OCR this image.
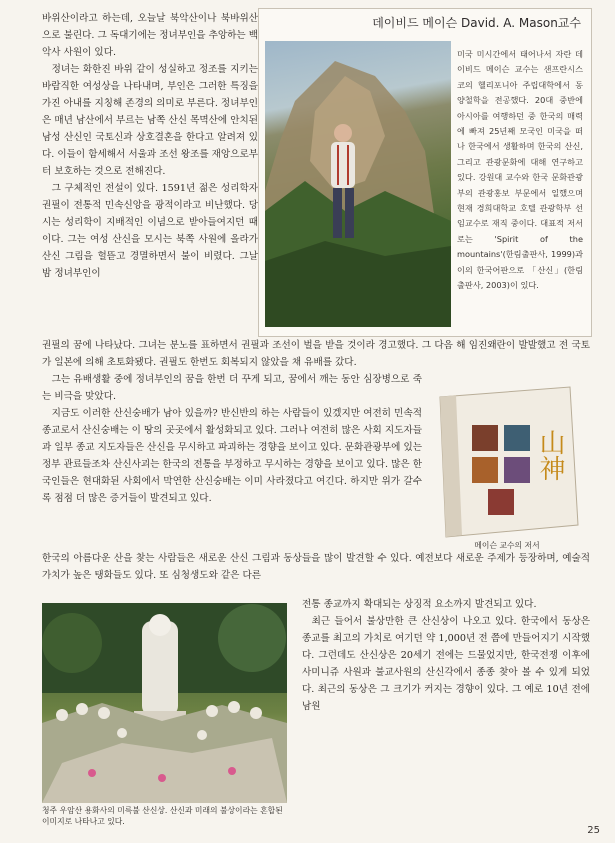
바위산이라고 하는데, 오늘날 북악산이나 북바위산으로 불린다. 그 독대기에는 정녀부인을 추앙하는 백악사 사원이 있다.

정녀는 화한진 바위 같이 성실하고 정조를 지키는 바람직한 여성상을 나타내며, 부인은 그러한 특징을 가진 아내를 지칭해 존경의 의미로 부른다. 정녀부인은 매년 남산에서 부르는 남쪽 산신 목멱산에 안치된 남성 산신인 국토신과 상호결혼을 한다고 알려져 있다. 이들이 함세해서 서울과 조선 왕조를 재앙으로부터 보호하는 것으로 전해진다.

그 구체적인 전설이 있다. 1591년 젊은 성리학자 권필이 전통적 민속신앙을 광적이라고 비난했다. 당시는 성리학이 지배적인 이념으로 받아들여지던 때이다. 그는 여성 산신을 모시는 북쪽 사원에 올라가 산신 그림을 헐뜯고 경멸하면서 불이 비렸다. 그날 밤 정녀부인이

데이비드 메이슨 David. A. Mason교수

미국 미시간에서 태어나서 자란 데이비드 메이슨 교수는 샌프란시스코의 헬리포니아 주립대학에서 동양철학을 전공했다. 20대 중반에 아시아를 여행하던 중 한국의 매력에 빠져 25년째 모국인 미국을 떠나 한국에서 생활하며 한국의 산신, 그리고 관광문화에 대해 연구하고 있다. 강원대 교수와 한국 문화관광부의 관광홍보 부문에서 일했으며 현재 경희대학교 호텔 관광학부 선임교수로 재직 중이다. 대표적 저서로는 'Spirit of the mountains'(한림출판사, 1999)과 이의 한국어판으로 「산신」(한림출판사, 2003)이 있다.

권필의 꿈에 나타났다. 그녀는 분노를 표하면서 권필과 조선이 벌을 받을 것이라 경고했다. 그 다음 해 임진왜란이 발발했고 전 국토가 일본에 의해 초토화됐다. 권필도 한번도 회복되지 않았을 채 유배를 갔다.

그는 유배생활 중에 정녀부인의 꿈을 한번 더 꾸게 되고, 꿈에서 깨는 동안 심장병으로 죽는 비극을 맞았다.

지금도 이러한 산신숭배가 남아 있을까? 반신반의 하는 사람들이 있겠지만 여전히 민속적 종교로서 산신숭배는 이 땅의 곳곳에서 활성화되고 있다. 그러나 여전히 많은 사회 지도자들과 일부 종교 지도자들은 산신을 무시하고 파괴하는 경향을 보이고 있다. 문화관광부에 있는 정부 관료들조차 산신사괴는 한국의 전통을 부정하고 무시하는 경향을 보이고 있다. 많은 한국인들은 현대화된 사회에서 막연한 산신숭배는 이미 사라졌다고 여긴다. 하지만 위가 갈수록 점점 더 많은 증거들이 발견되고 있다.

山神
메이슨 교수의 저서

한국의 아름다운 산을 찾는 사람들은 새로운 산신 그림과 동상들을 많이 발견할 수 있다. 예전보다 새로운 주제가 등장하며, 예술적 가치가 높은 탱화들도 있다. 또 심청생도와 같은 다른

청주 우암산 용화사의 미륵불 산신상. 산신과 미래의 불상이라는 혼합된 이미지로 나타나고 있다.

전통 종교까지 확대되는 상징적 요소까지 발견되고 있다.

최근 들어서 불상만한 큰 산신상이 나오고 있다. 한국에서 동상은 종교를 최고의 가치로 여기던 약 1,000년 전 쯤에 만들어지기 시작했다. 그런데도 산신상은 20세기 전에는 드물었지만, 한국전쟁 이후에 사미니쥬 사원과 불교사원의 산신각에서 종종 찾아 볼 수 있게 되었다. 최근의 동상은 그 크기가 커지는 경향이 있다. 그 예로 10년 전에 남원

25
